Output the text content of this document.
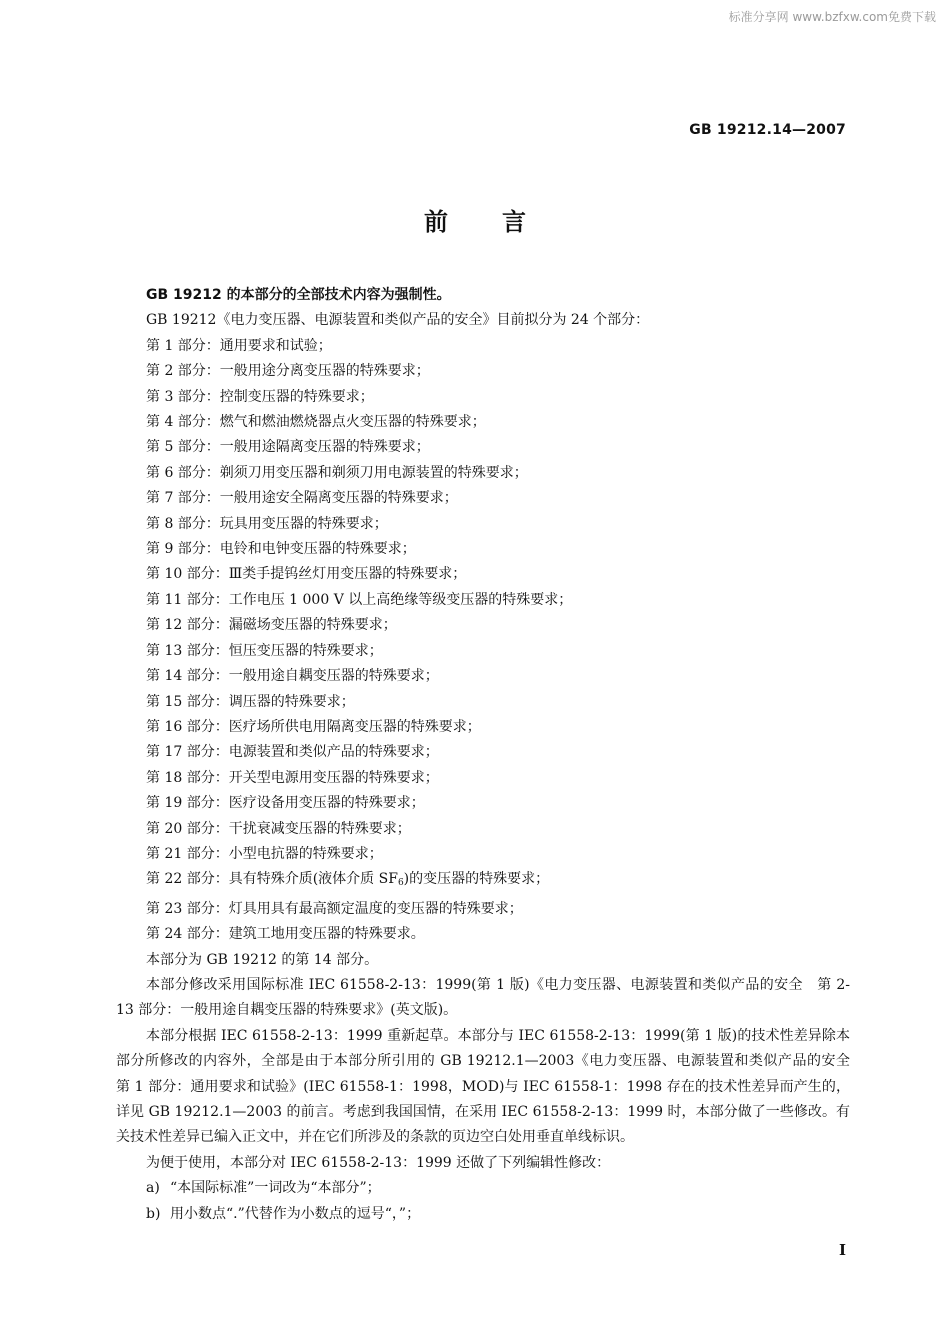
标准分享网 www.bzfxw.com免费下载
GB 19212.14—2007
前言

GB 19212 的本部分的全部技术内容为强制性。

GB 19212《电力变压器、电源装置和类似产品的安全》目前拟分为 24 个部分：

第 1 部分：通用要求和试验；
第 2 部分：一般用途分离变压器的特殊要求；
第 3 部分：控制变压器的特殊要求；
第 4 部分：燃气和燃油燃烧器点火变压器的特殊要求；
第 5 部分：一般用途隔离变压器的特殊要求；
第 6 部分：剃须刀用变压器和剃须刀用电源装置的特殊要求；
第 7 部分：一般用途安全隔离变压器的特殊要求；
第 8 部分：玩具用变压器的特殊要求；
第 9 部分：电铃和电钟变压器的特殊要求；
第 10 部分：Ⅲ类手提钨丝灯用变压器的特殊要求；
第 11 部分：工作电压 1 000 V 以上高绝缘等级变压器的特殊要求；
第 12 部分：漏磁场变压器的特殊要求；
第 13 部分：恒压变压器的特殊要求；
第 14 部分：一般用途自耦变压器的特殊要求；
第 15 部分：调压器的特殊要求；
第 16 部分：医疗场所供电用隔离变压器的特殊要求；
第 17 部分：电源装置和类似产品的特殊要求；
第 18 部分：开关型电源用变压器的特殊要求；
第 19 部分：医疗设备用变压器的特殊要求；
第 20 部分：干扰衰减变压器的特殊要求；
第 21 部分：小型电抗器的特殊要求；
第 22 部分：具有特殊介质(液体介质 $SF_6$)的变压器的特殊要求；
第 23 部分：灯具用具有最高额定温度的变压器的特殊要求；
第 24 部分：建筑工地用变压器的特殊要求。

本部分为 GB 19212 的第 14 部分。

本部分修改采用国际标准 IEC 61558-2-13：1999(第 1 版)《电力变压器、电源装置和类似产品的安全　第 2-13 部分：一般用途自耦变压器的特殊要求》(英文版)。

本部分根据 IEC 61558-2-13：1999 重新起草。本部分与 IEC 61558-2-13：1999(第 1 版)的技术性差异除本部分所修改的内容外，全部是由于本部分所引用的 GB 19212.1—2003《电力变压器、电源装置和类似产品的安全　第 1 部分：通用要求和试验》(IEC 61558-1：1998，MOD)与 IEC 61558-1：1998 存在的技术性差异而产生的，详见 GB 19212.1—2003 的前言。考虑到我国国情，在采用 IEC 61558-2-13：1999 时，本部分做了一些修改。有关技术性差异已编入正文中，并在它们所涉及的条款的页边空白处用垂直单线标识。

为便于使用，本部分对 IEC 61558-2-13：1999 还做了下列编辑性修改：

a) “本国际标准”一词改为“本部分”；
b) 用小数点“.”代替作为小数点的逗号“，”；
I
